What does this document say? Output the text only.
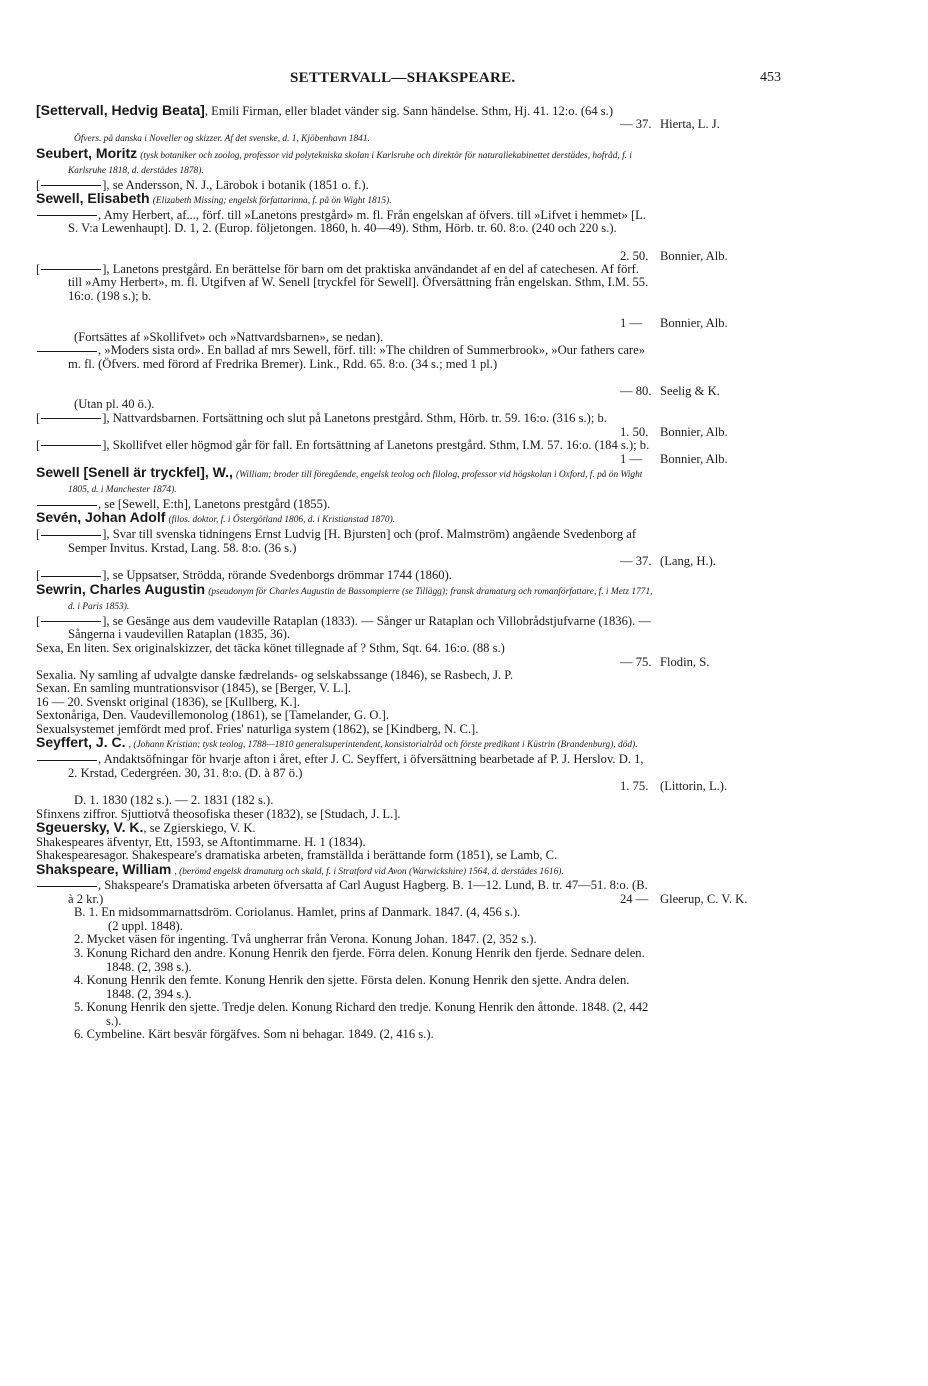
SETTERVALL—SHAKSPEARE.	453
[Settervall, Hedvig Beata], Emili Firman, eller bladet vänder sig. Sann händelse. Sthm, Hj. 41. 12:o. (64 s.)
— 37. Hierta, L. J.
Öfvers. på danska i Noveller og skizzer. Af det svenske, d. 1, Kjöbenhavn 1841.
Seubert, Moritz (tysk botaniker och zoolog, professor vid polytekniska skolan i Karlsruhe och direktör för naturaliekabinettet derstädes, hofråd, f. i Karlsruhe 1818, d. derstädes 1878).
[	], se Andersson, N. J., Lärobok i botanik (1851 o. f.).
Sewell, Elisabeth (Elizabeth Missing; engelsk författarinna, f. på ön Wight 1815).
, Amy Herbert, af..., förf. till »Lanetons prestgård» m. fl. Från engelskan af öfvers. till »Lifvet i hemmet» [L. S. V:a Lewenhaupt]. D. 1, 2. (Europ. följetongen. 1860, h. 40—49). Sthm, Hörb. tr. 60. 8:o. (240 och 220 s.).
2. 50. Bonnier, Alb.
[	], Lanetons prestgård. En berättelse för barn om det praktiska användandet af en del af catechesen. Af förf. till »Amy Herbert», m. fl. Utgifven af W. Senell [tryckfel för Sewell]. Öfversättning från engelskan. Sthm, I.M. 55. 16:o. (198 s.); b.
1 —	Bonnier, Alb.
(Fortsättes af »Skollifvet» och »Nattvardsbarnen», se nedan).
, »Moders sista ord». En ballad af mrs Sewell, förf. till: »The children of Summerbrook», »Our fathers care» m. fl. (Öfvers. med förord af Fredrika Bremer). Link., Rdd. 65. 8:o. (34 s.; med 1 pl.)
— 80. Seelig & K.
(Utan pl. 40 ö.).
[	], Nattvardsbarnen. Fortsättning och slut på Lanetons prestgård. Sthm, Hörb. tr. 59. 16:o. (316 s.); b.
1. 50. Bonnier, Alb.
[	], Skollifvet eller högmod går för fall. En fortsättning af Lanetons prestgård. Sthm, I.M. 57. 16:o. (184 s.); b.
1 —	Bonnier, Alb.
Sewell [Senell är tryckfel], W., (William; broder till föregående, engelsk teolog och filolog, professor vid högskolan i Oxford, f. på ön Wight 1805, d. i Manchester 1874).
, se [Sewell, E:th], Lanetons prestgård (1855).
Sevén, Johan Adolf (filos. doktor, f. i Östergötland 1806, d. i Kristianstad 1870).
[	], Svar till svenska tidningens Ernst Ludvig [H. Bjursten] och (prof. Malmström) angående Svedenborg af Semper Invitus. Krstad, Lang. 58. 8:o. (36 s.)
— 37. (Lang, H.).
[	], se Uppsatser, Strödda, rörande Svedenborgs drömmar 1744 (1860).
Sewrin, Charles Augustin (pseudonym för Charles Augustin de Bassompierre (se Tillägg); fransk dramaturg och romanförfattare, f. i Metz 1771, d. i Paris 1853).
[	], se Gesänge aus dem vaudeville Rataplan (1833). — Sånger ur Rataplan och Villobrådstjufvarne (1836). — Sångerna i vaudevillen Rataplan (1835, 36).
Sexa, En liten. Sex originalskizzer, det täcka könet tillegnade af ? Sthm, Sqt. 64. 16:o. (88 s.)
— 75. Flodin, S.
Sexalia. Ny samling af udvalgte danske fædrelands- og selskabssange (1846), se Rasbech, J. P.
Sexan. En samling muntrationsvisor (1845), se [Berger, V. L.].
16 — 20. Svenskt original (1836), se [Kullberg, K.].
Sextonåriga, Den. Vaudevillemonolog (1861), se [Tamelander, G. O.].
Sexualsystemet jemfördt med prof. Fries' naturliga system (1862), se [Kindberg, N. C.].
Seyffert, J. C. , (Johann Kristian; tysk teolog, 1788—1810 generalsuperintendent, konsistorialråd och förste predikant i Küstrin (Brandenburg), död).
, Andaktsöfningar för hvarje afton i året, efter J. C. Seyffert, i öfversättning bearbetade af P. J. Herslov. D. 1, 2. Krstad, Cedergréen. 30, 31. 8:o. (D. à 87 ö.)
1. 75. (Littorin, L.).
D. 1. 1830 (182 s.). — 2. 1831 (182 s.).
Sfinxens ziffror. Sjuttiotvå theosofiska theser (1832), se [Studach, J. L.].
Sgeuersky, V. K., se Zgierskiego, V. K.
Shakespeares äfventyr, Ett, 1593, se Aftontimmarne. H. 1 (1834).
Shakespearesagor. Shakespeare's dramatiska arbeten, framställda i berättande form (1851), se Lamb, C.
Shakspeare, William , (berömd engelsk dramaturg och skald, f. i Stratford vid Avon (Warwickshire) 1564, d. derstädes 1616).
, Shakspeare's Dramatiska arbeten öfversatta af Carl August Hagberg. B. 1—12. Lund, B. tr. 47—51. 8:o. (B. à 2 kr.)	24 — Gleerup, C. V. K.
B. 1. En midsommarnattsdröm. Coriolanus. Hamlet, prins af Danmark. 1847. (4, 456 s.).
(2 uppl. 1848).
2. Mycket väsen för ingenting. Två ungherrar från Verona. Konung Johan. 1847. (2, 352 s.).
3. Konung Richard den andre. Konung Henrik den fjerde. Förra delen. Konung Henrik den fjerde. Sednare delen. 1848. (2, 398 s.).
4. Konung Henrik den femte. Konung Henrik den sjette. Första delen. Konung Henrik den sjette. Andra delen. 1848. (2, 394 s.).
5. Konung Henrik den sjette. Tredje delen. Konung Richard den tredje. Konung Henrik den åttonde. 1848. (2, 442 s.).
6. Cymbeline. Kärt besvär förgäfves. Som ni behagar. 1849. (2, 416 s.).
